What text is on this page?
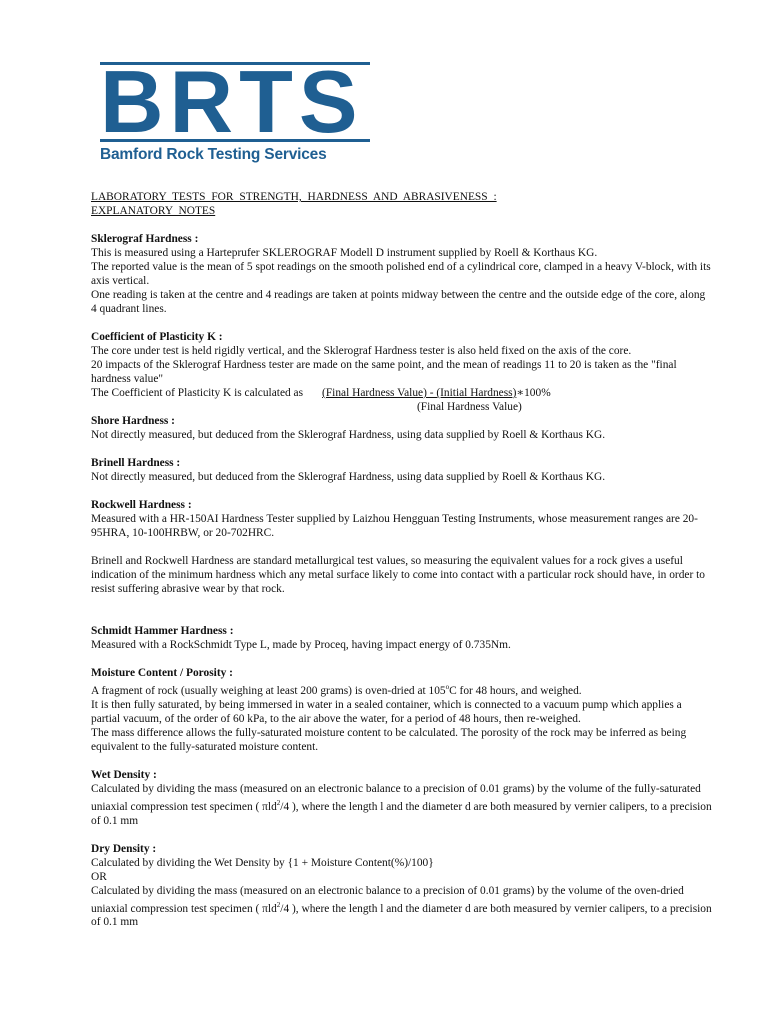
BRTS
Bamford Rock Testing Services
LABORATORY TESTS FOR STRENGTH, HARDNESS AND ABRASIVENESS :
EXPLANATORY NOTES
Sklerograf Hardness :

This is measured using a Harteprufer SKLEROGRAF Modell D instrument supplied by Roell & Korthaus KG.

The reported value is the mean of 5 spot readings on the smooth polished end of a cylindrical core, clamped in a heavy V-block, with its axis vertical.

One reading is taken at the centre and 4 readings are taken at points midway between the centre and the outside edge of the core, along 4 quadrant lines.

Coefficient of Plasticity K :

The core under test is held rigidly vertical, and the Sklerograf Hardness tester is also held fixed on the axis of the core.

20 impacts of the Sklerograf Hardness tester are made on the same point, and the mean of readings 11 to 20 is taken as the "final hardness value"

The Coefficient of Plasticity K is calculated as (Final Hardness Value) - (Initial Hardness) ∗100%
(Final Hardness Value)
Shore Hardness :

Not directly measured, but deduced from the Sklerograf Hardness, using data supplied by Roell & Korthaus KG.

Brinell Hardness :

Not directly measured, but deduced from the Sklerograf Hardness, using data supplied by Roell & Korthaus KG.

Rockwell Hardness :

Measured with a HR-150AI Hardness Tester supplied by Laizhou Hengguan Testing Instruments, whose measurement ranges are 20-95HRA, 10-100HRBW, or 20-702HRC.

Brinell and Rockwell Hardness are standard metallurgical test values, so measuring the equivalent values for a rock gives a useful indication of the minimum hardness which any metal surface likely to come into contact with a particular rock should have, in order to resist suffering abrasive wear by that rock.

Schmidt Hammer Hardness :

Measured with a RockSchmidt Type L, made by Proceq, having impact energy of 0.735Nm.

Moisture Content / Porosity :

A fragment of rock (usually weighing at least 200 grams) is oven-dried at 105$^o$C for 48 hours, and weighed.

It is then fully saturated, by being immersed in water in a sealed container, which is connected to a vacuum pump which applies a partial vacuum, of the order of 60 kPa, to the air above the water, for a period of 48 hours, then re-weighed.

The mass difference allows the fully-saturated moisture content to be calculated. The porosity of the rock may be inferred as being equivalent to the fully-saturated moisture content.

Wet Density :

Calculated by dividing the mass (measured on an electronic balance to a precision of 0.01 grams) by the volume of the fully-saturated uniaxial compression test specimen ( πld$^2$/4 ), where the length l and the diameter d are both measured by vernier calipers, to a precision of 0.1 mm

Dry Density :

Calculated by dividing the Wet Density by {1 + Moisture Content(%)/100}

OR

Calculated by dividing the mass (measured on an electronic balance to a precision of 0.01 grams) by the volume of the oven-dried uniaxial compression test specimen ( πld$^2$/4 ), where the length l and the diameter d are both measured by vernier calipers, to a precision of 0.1 mm
